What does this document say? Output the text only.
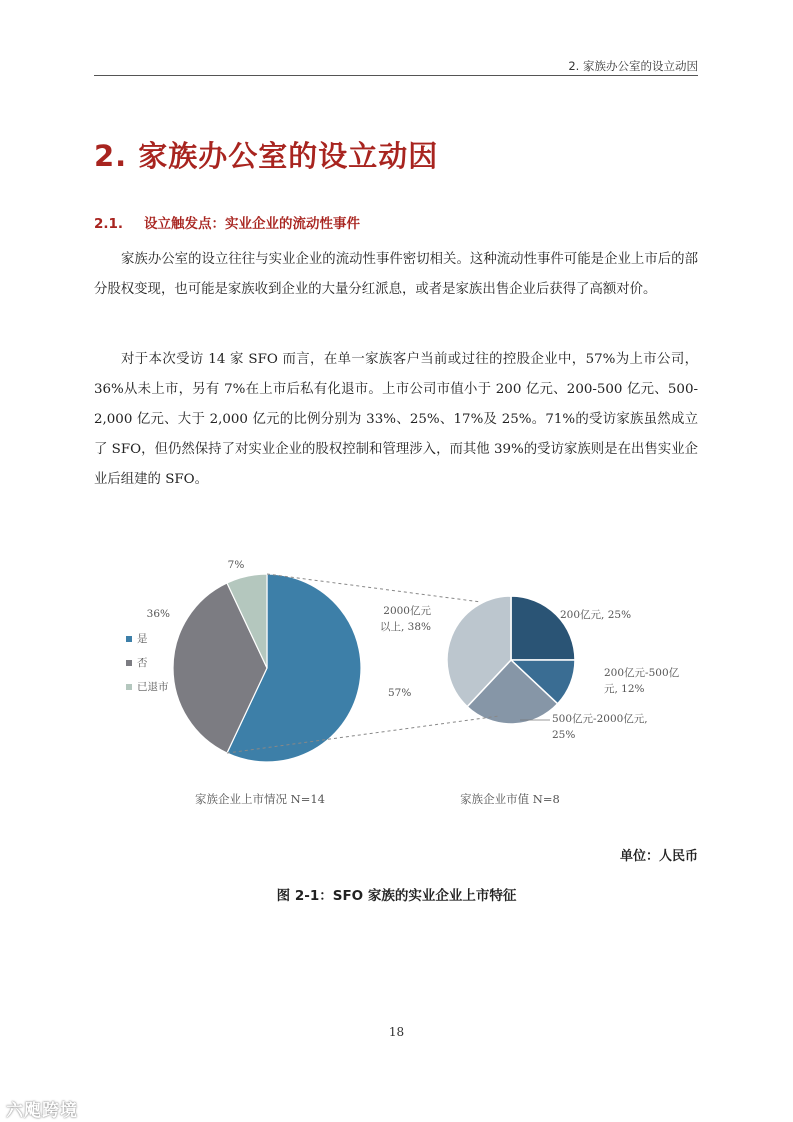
2. 家族办公室的设立动因
2. 家族办公室的设立动因
2.1. 设立触发点：实业企业的流动性事件

家族办公室的设立往往与实业企业的流动性事件密切相关。这种流动性事件可能是企业上市后的部分股权变现，也可能是家族收到企业的大量分红派息，或者是家族出售企业后获得了高额对价。

对于本次受访 14 家 SFO 而言，在单一家族客户当前或过往的控股企业中，57%为上市公司，36%从未上市，另有 7%在上市后私有化退市。上市公司市值小于 200 亿元、200-500 亿元、500-2,000 亿元、大于 2,000 亿元的比例分别为 33%、25%、17%及 25%。71%的受访家族虽然成立了 SFO，但仍然保持了对实业企业的股权控制和管理涉入，而其他 39%的受访家族则是在出售实业企业后组建的 SFO。

57%
36%
7%
是
否
已退市
200亿元, 25%
200亿元-500亿
元, 12%
500亿元-2000亿元,
25%
2000亿元
以上, 38%
家族企业上市情况 N=14	家族企业市值 N=8
单位：人民币
图 2-1：SFO 家族的实业企业上市特征
18
六飑跨境
